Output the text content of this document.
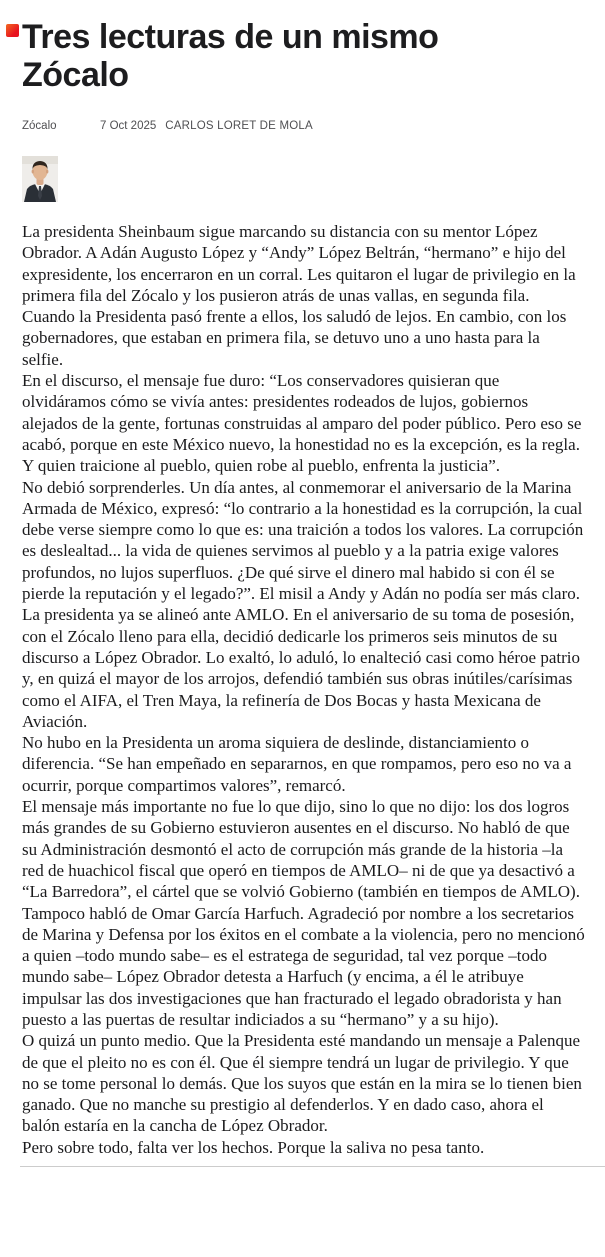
Tres lecturas de un mismo Zócalo
Zócalo	7 Oct 2025 CARLOS LORET DE MOLA

La presidenta Sheinbaum sigue marcando su distancia con su mentor López Obrador. A Adán Augusto López y “Andy” López Beltrán, “hermano” e hijo del expresidente, los encerraron en un corral. Les quitaron el lugar de privilegio en la primera fila del Zócalo y los pusieron atrás de unas vallas, en segunda fila. Cuando la Presidenta pasó frente a ellos, los saludó de lejos. En cambio, con los gobernadores, que estaban en primera fila, se detuvo uno a uno hasta para la selfie.

En el discurso, el mensaje fue duro: “Los conservadores quisieran que olvidáramos cómo se vivía antes: presidentes rodeados de lujos, gobiernos alejados de la gente, fortunas construidas al amparo del poder público. Pero eso se acabó, porque en este México nuevo, la honestidad no es la excepción, es la regla. Y quien traicione al pueblo, quien robe al pueblo, enfrenta la justicia”.

No debió sorprenderles. Un día antes, al conmemorar el aniversario de la Marina Armada de México, expresó: “lo contrario a la honestidad es la corrupción, la cual debe verse siempre como lo que es: una traición a todos los valores. La corrupción es deslealtad... la vida de quienes servimos al pueblo y a la patria exige valores profundos, no lujos superfluos. ¿De qué sirve el dinero mal habido si con él se pierde la reputación y el legado?”. El misil a Andy y Adán no podía ser más claro.

La presidenta ya se alineó ante AMLO. En el aniversario de su toma de posesión, con el Zócalo lleno para ella, decidió dedicarle los primeros seis minutos de su discurso a López Obrador. Lo exaltó, lo aduló, lo enalteció casi como héroe patrio y, en quizá el mayor de los arrojos, defendió también sus obras inútiles/carísimas como el AIFA, el Tren Maya, la refinería de Dos Bocas y hasta Mexicana de Aviación.

No hubo en la Presidenta un aroma siquiera de deslinde, distanciamiento o diferencia. “Se han empeñado en separarnos, en que rompamos, pero eso no va a ocurrir, porque compartimos valores”, remarcó.

El mensaje más importante no fue lo que dijo, sino lo que no dijo: los dos logros más grandes de su Gobierno estuvieron ausentes en el discurso. No habló de que su Administración desmontó el acto de corrupción más grande de la historia –la red de huachicol fiscal que operó en tiempos de AMLO– ni de que ya desactivó a “La Barredora”, el cártel que se volvió Gobierno (también en tiempos de AMLO). Tampoco habló de Omar García Harfuch. Agradeció por nombre a los secretarios de Marina y Defensa por los éxitos en el combate a la violencia, pero no mencionó a quien –todo mundo sabe– es el estratega de seguridad, tal vez porque –todo mundo sabe– López Obrador detesta a Harfuch (y encima, a él le atribuye impulsar las dos investigaciones que han fracturado el legado obradorista y han puesto a las puertas de resultar indiciados a su “hermano” y a su hijo).

O quizá un punto medio. Que la Presidenta esté mandando un mensaje a Palenque de que el pleito no es con él. Que él siempre tendrá un lugar de privilegio. Y que no se tome personal lo demás. Que los suyos que están en la mira se lo tienen bien ganado. Que no manche su prestigio al defenderlos. Y en dado caso, ahora el balón estaría en la cancha de López Obrador.

Pero sobre todo, falta ver los hechos. Porque la saliva no pesa tanto.
